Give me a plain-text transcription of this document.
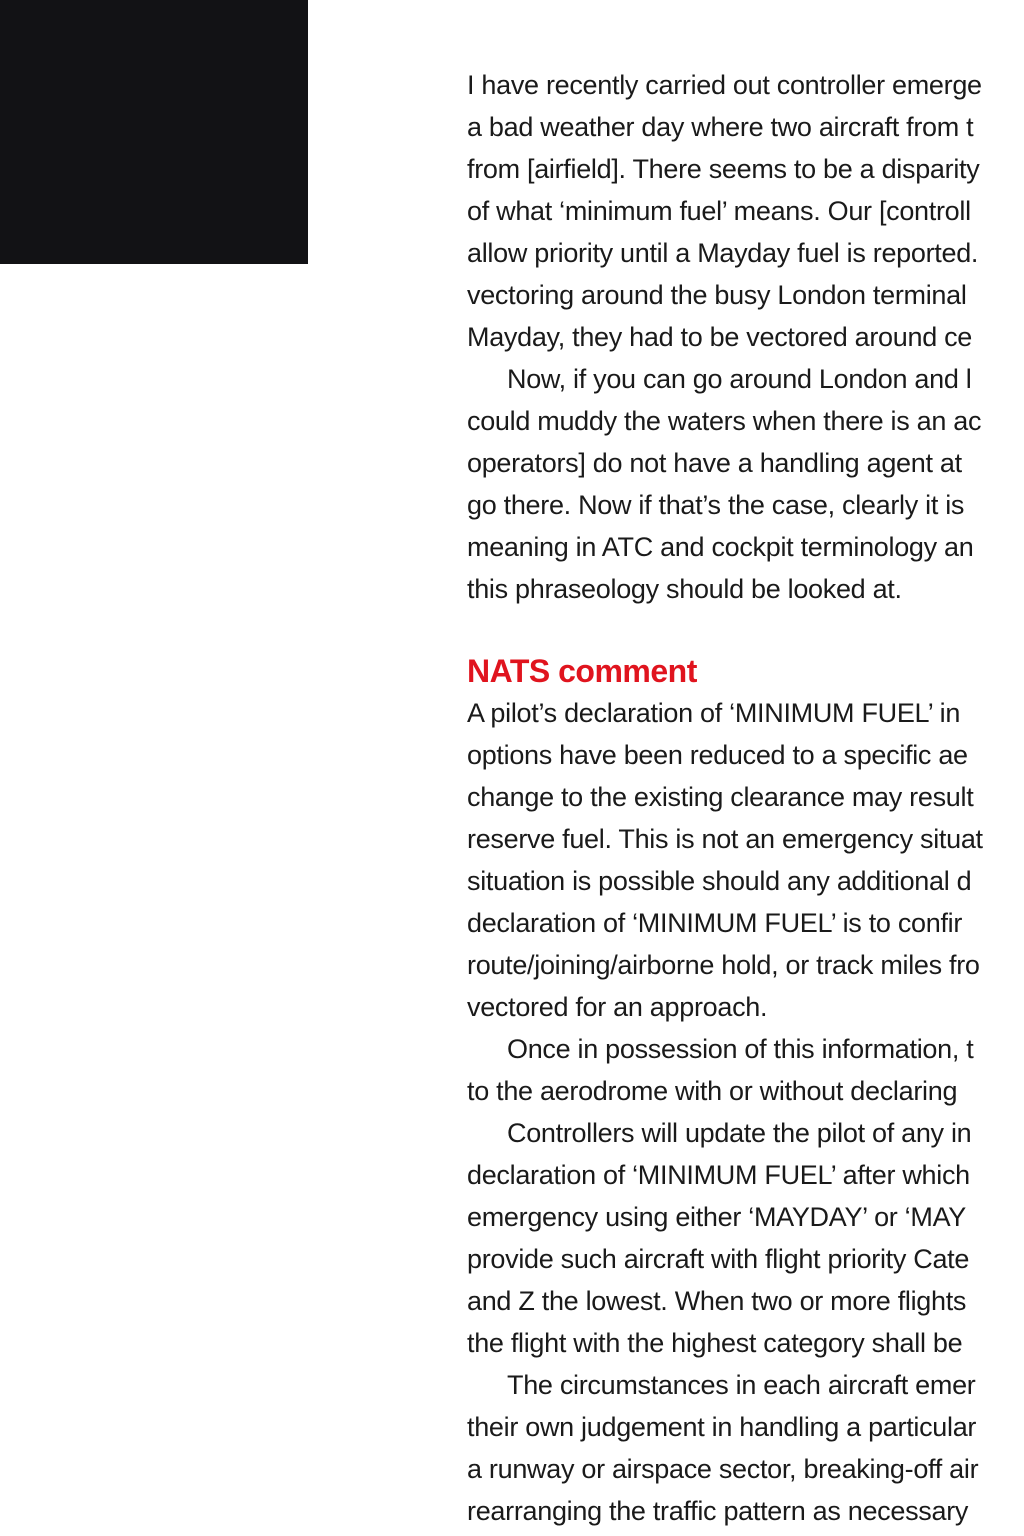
I have recently carried out controller emerge
a bad weather day where two aircraft from t
from [airfield]. There seems to be a disparity
of what ‘minimum fuel’ means. Our [controll
allow priority until a Mayday fuel is reported.
vectoring around the busy London terminal
Mayday, they had to be vectored around ce
Now, if you can go around London and l
could muddy the waters when there is an ac
operators] do not have a handling agent at
go there. Now if that’s the case, clearly it is
meaning in ATC and cockpit terminology an
this phraseology should be looked at.
NATS comment
A pilot’s declaration of ‘MINIMUM FUEL’ in
options have been reduced to a specific ae
change to the existing clearance may result
reserve fuel. This is not an emergency situat
situation is possible should any additional d
declaration of ‘MINIMUM FUEL’ is to confir
route/joining/airborne hold, or track miles fro
vectored for an approach.
Once in possession of this information, t
to the aerodrome with or without declaring
Controllers will update the pilot of any in
declaration of ‘MINIMUM FUEL’ after which
emergency using either ‘MAYDAY’ or ‘MAY
provide such aircraft with flight priority Cate
and Z the lowest. When two or more flights
the flight with the highest category shall be
The circumstances in each aircraft emer
their own judgement in handling a particular
a runway or airspace sector, breaking-off air
rearranging the traffic pattern as necessary
